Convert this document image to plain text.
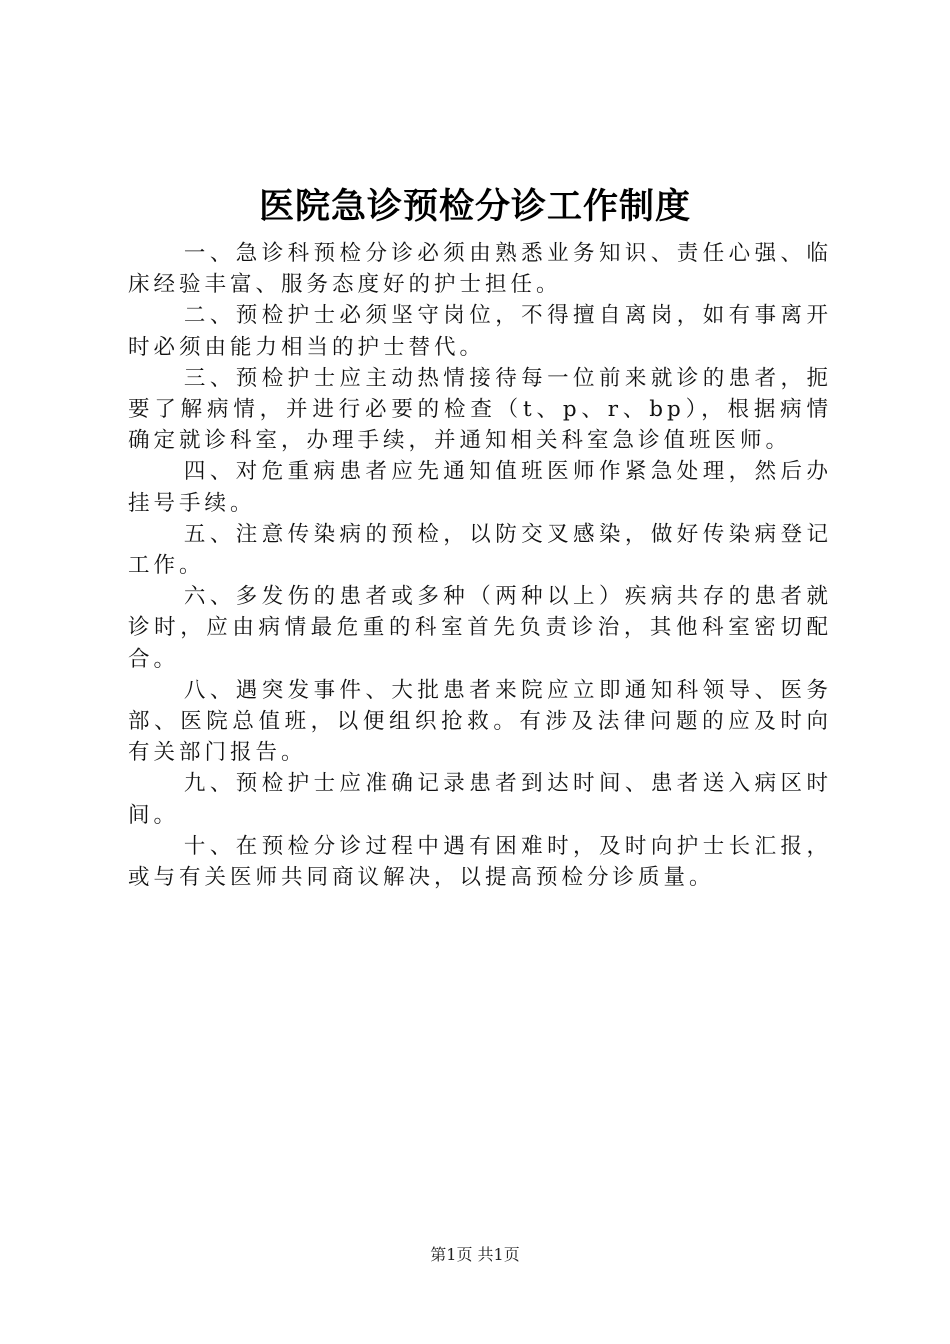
医院急诊预检分诊工作制度

一、急诊科预检分诊必须由熟悉业务知识、责任心强、临床经验丰富、服务态度好的护士担任。

二、预检护士必须坚守岗位，不得擅自离岗，如有事离开时必须由能力相当的护士替代。

三、预检护士应主动热情接待每一位前来就诊的患者，扼要了解病情，并进行必要的检查（t、p、r、bp），根据病情确定就诊科室，办理手续，并通知相关科室急诊值班医师。

四、对危重病患者应先通知值班医师作紧急处理，然后办挂号手续。

五、注意传染病的预检，以防交叉感染，做好传染病登记工作。

六、多发伤的患者或多种（两种以上）疾病共存的患者就诊时，应由病情最危重的科室首先负责诊治，其他科室密切配合。

八、遇突发事件、大批患者来院应立即通知科领导、医务部、医院总值班，以便组织抢救。有涉及法律问题的应及时向有关部门报告。

九、预检护士应准确记录患者到达时间、患者送入病区时间。

十、在预检分诊过程中遇有困难时，及时向护士长汇报，或与有关医师共同商议解决，以提高预检分诊质量。

第1页 共1页
